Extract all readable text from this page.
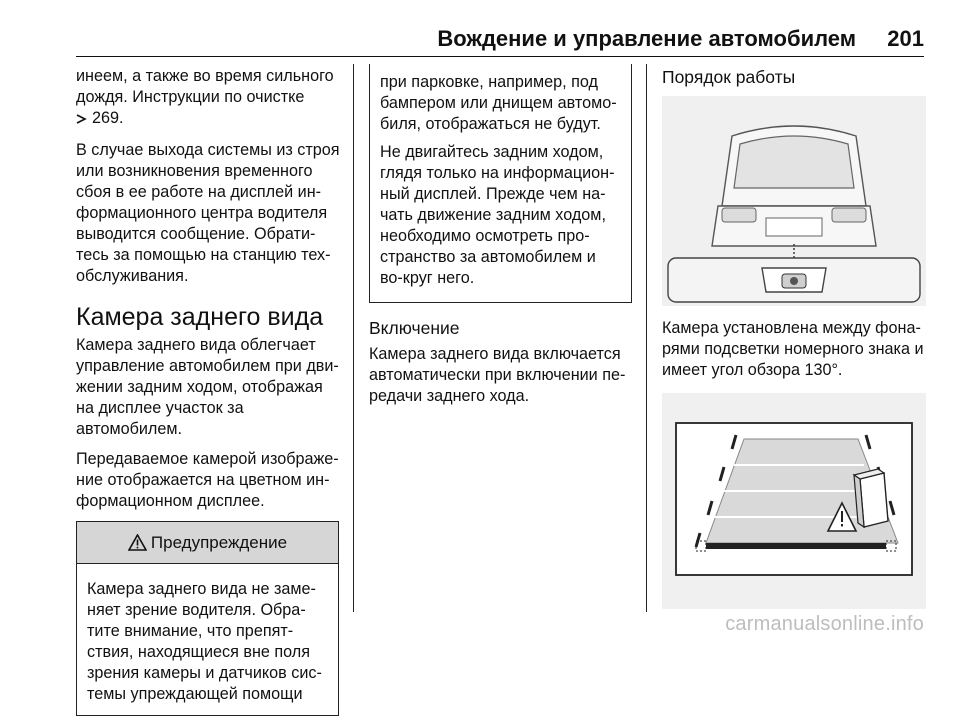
Вождение и управление автомобилем 201

инеем, а также во время сильного дождя. Инструкции по очистке

269.

В случае выхода системы из строя или возникновения временного сбоя в ее работе на дисплей ин-формационного центра водителя выводится сообщение. Обрати-тесь за помощью на станцию тех-обслуживания.

Камера заднего вида

Камера заднего вида облегчает управление автомобилем при дви-жении задним ходом, отображая на дисплее участок за автомобилем.

Передаваемое камерой изображе-ние отображается на цветном ин-формационном дисплее.

Предупреждение
Камера заднего вида не заме-няет зрение водителя. Обра-тите внимание, что препят-ствия, находящиеся вне поля зрения камеры и датчиков сис-темы упреждающей помощи

при парковке, например, под бампером или днищем автомо-биля, отображаться не будут.

Не двигайтесь задним ходом, глядя только на информацион-ный дисплей. Прежде чем на-чать движение задним ходом, необходимо осмотреть про-странство за автомобилем и во-круг него.

Включение

Камера заднего вида включается автоматически при включении пе-редачи заднего хода.

Порядок работы

Камера установлена между фона-рями подсветки номерного знака и имеет угол обзора 130°.

carmanualsonline.info
